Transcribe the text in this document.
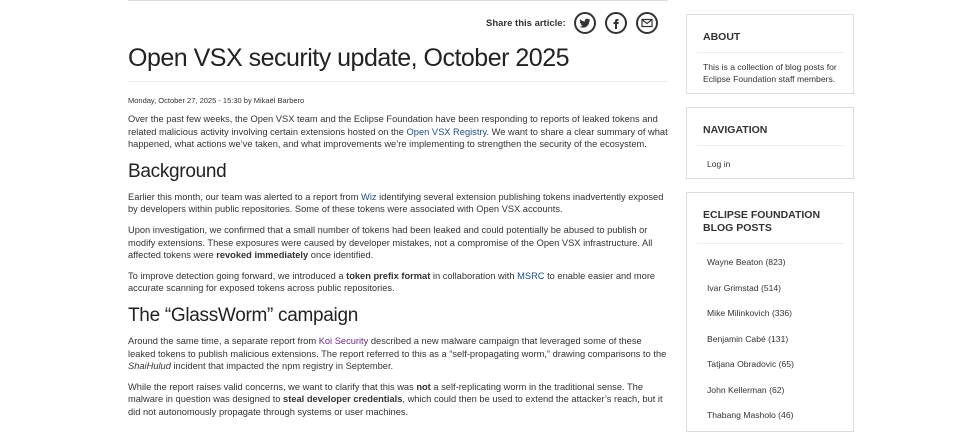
Share this article:
Open VSX security update, October 2025
Monday, October 27, 2025 - 15:30 by Mikaël Barbero

Over the past few weeks, the Open VSX team and the Eclipse Foundation have been responding to reports of leaked tokens and related malicious activity involving certain extensions hosted on the Open VSX Registry. We want to share a clear summary of what happened, what actions we’ve taken, and what improvements we’re implementing to strengthen the security of the ecosystem.

Background

Earlier this month, our team was alerted to a report from Wiz identifying several extension publishing tokens inadvertently exposed by developers within public repositories. Some of these tokens were associated with Open VSX accounts.

Upon investigation, we confirmed that a small number of tokens had been leaked and could potentially be abused to publish or modify extensions. These exposures were caused by developer mistakes, not a compromise of the Open VSX infrastructure. All affected tokens were revoked immediately once identified.

To improve detection going forward, we introduced a token prefix format in collaboration with MSRC to enable easier and more accurate scanning for exposed tokens across public repositories.

The “GlassWorm” campaign

Around the same time, a separate report from Koi Security described a new malware campaign that leveraged some of these leaked tokens to publish malicious extensions. The report referred to this as a “self-propagating worm,” drawing comparisons to the ShaiHulud incident that impacted the npm registry in September.

While the report raises valid concerns, we want to clarify that this was not a self-replicating worm in the traditional sense. The malware in question was designed to steal developer credentials, which could then be used to extend the attacker’s reach, but it did not autonomously propagate through systems or user machines.

ABOUT
This is a collection of blog posts for Eclipse Foundation staff members.
NAVIGATION
Log in
ECLIPSE FOUNDATION BLOG POSTS
Wayne Beaton (823)
Ivar Grimstad (514)
Mike Milinkovich (336)
Benjamin Cabé (131)
Tatjana Obradovic (65)
John Kellerman (62)
Thabang Masholo (46)
